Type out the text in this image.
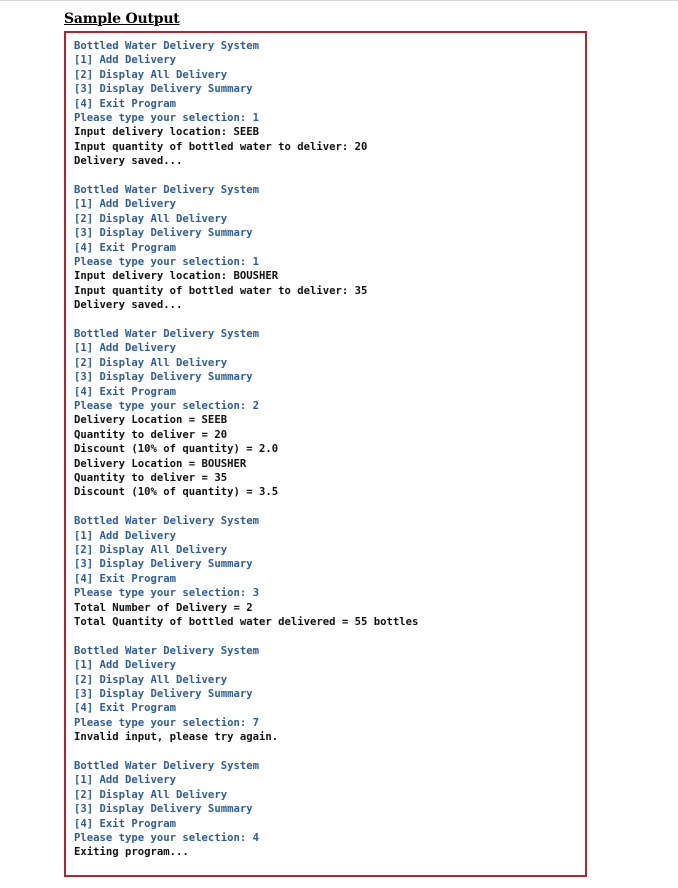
Sample Output
Bottled Water Delivery System
[1] Add Delivery
[2] Display All Delivery
[3] Display Delivery Summary
[4] Exit Program
Please type your selection: 1
Input delivery location: SEEB
Input quantity of bottled water to deliver: 20
Delivery saved...
Bottled Water Delivery System
[1] Add Delivery
[2] Display All Delivery
[3] Display Delivery Summary
[4] Exit Program
Please type your selection: 1
Input delivery location: BOUSHER
Input quantity of bottled water to deliver: 35
Delivery saved...
Bottled Water Delivery System
[1] Add Delivery
[2] Display All Delivery
[3] Display Delivery Summary
[4] Exit Program
Please type your selection: 2
Delivery Location = SEEB
Quantity to deliver = 20
Discount (10% of quantity) = 2.0
Delivery Location = BOUSHER
Quantity to deliver = 35
Discount (10% of quantity) = 3.5
Bottled Water Delivery System
[1] Add Delivery
[2] Display All Delivery
[3] Display Delivery Summary
[4] Exit Program
Please type your selection: 3
Total Number of Delivery = 2
Total Quantity of bottled water delivered = 55 bottles
Bottled Water Delivery System
[1] Add Delivery
[2] Display All Delivery
[3] Display Delivery Summary
[4] Exit Program
Please type your selection: 7
Invalid input, please try again.
Bottled Water Delivery System
[1] Add Delivery
[2] Display All Delivery
[3] Display Delivery Summary
[4] Exit Program
Please type your selection: 4
Exiting program...
